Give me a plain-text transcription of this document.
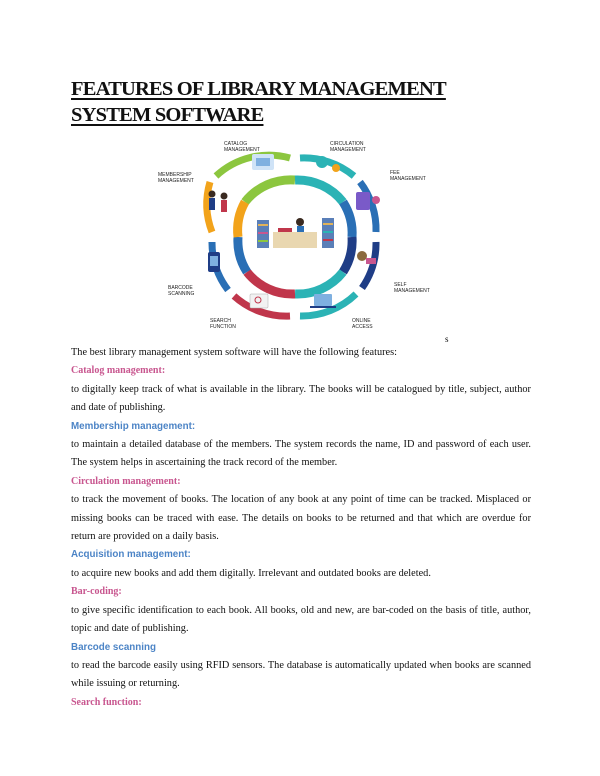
FEATURES OF LIBRARY MANAGEMENT
SYSTEM SOFTWARE
CATALOG MANAGEMENT
CIRCULATION MANAGEMENT
MEMBERSHIP MANAGEMENT
FEE MANAGEMENT
SELF MANAGEMENT
BARCODE SCANNING
ONLINE ACCESS
SEARCH FUNCTION
s

The best library management system software will have the following features:

Catalog management:

to digitally keep track of what is available in the library. The books will be catalogued by title, subject, author and date of publishing.

Membership management:

to maintain a detailed database of the members. The system records the name, ID and password of each user. The system helps in ascertaining the track record of the member.

Circulation management:

to track the movement of books. The location of any book at any point of time can be tracked. Misplaced or missing books can be traced with ease. The details on books to be returned and that which are overdue for return are provided on a daily basis.

Acquisition management:

to acquire new books and add them digitally. Irrelevant and outdated books are deleted.

Bar-coding:

to give specific identification to each book. All books, old and new, are bar-coded on the basis of title, author, topic and date of publishing.

Barcode scanning

to read the barcode easily using RFID sensors. The database is automatically updated when books are scanned while issuing or returning.

Search function:
